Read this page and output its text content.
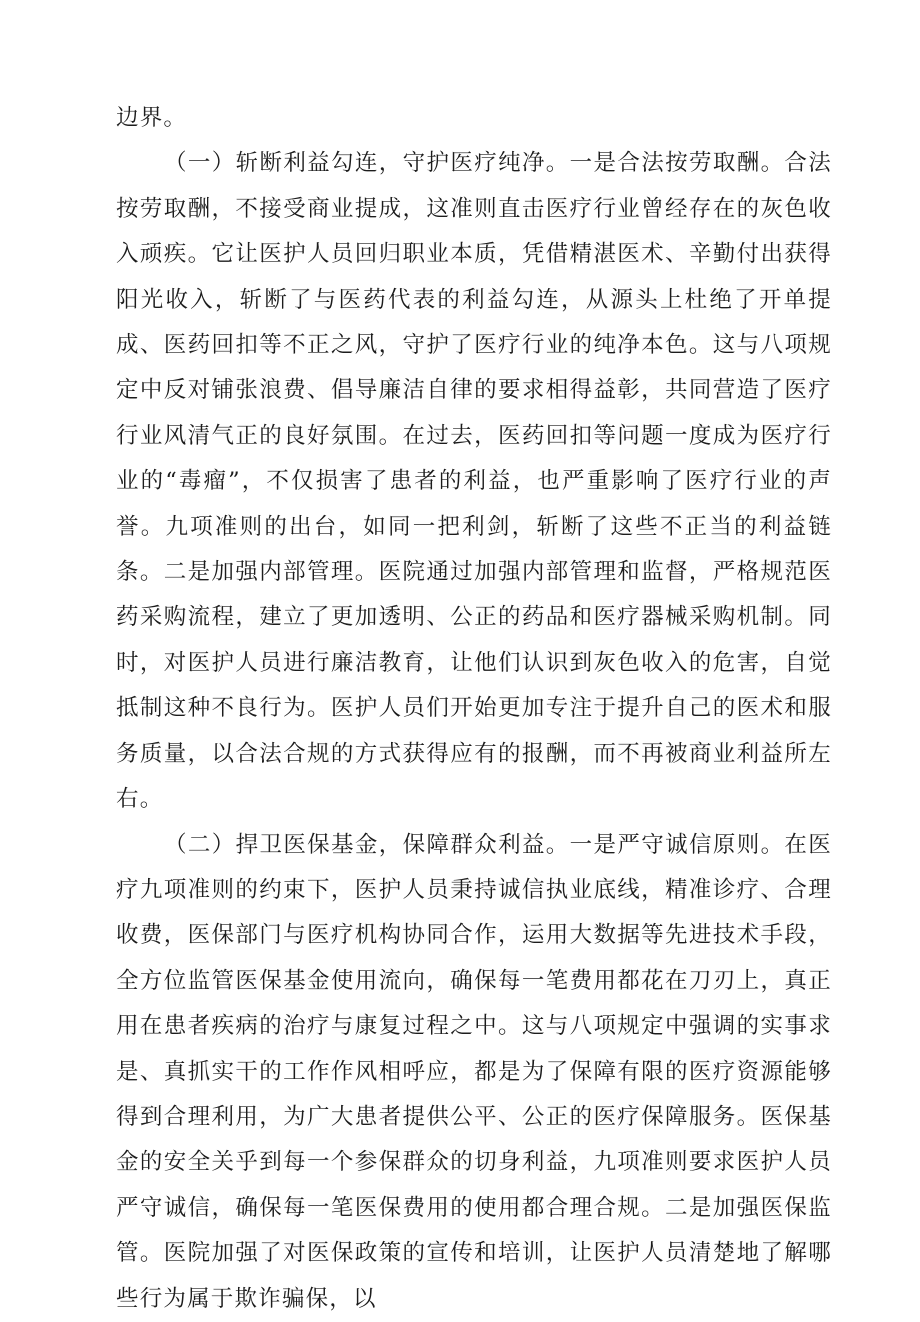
边界。

（一）斩断利益勾连，守护医疗纯净。一是合法按劳取酬。合法按劳取酬，不接受商业提成，这准则直击医疗行业曾经存在的灰色收入顽疾。它让医护人员回归职业本质，凭借精湛医术、辛勤付出获得阳光收入，斩断了与医药代表的利益勾连，从源头上杜绝了开单提成、医药回扣等不正之风，守护了医疗行业的纯净本色。这与八项规定中反对铺张浪费、倡导廉洁自律的要求相得益彰，共同营造了医疗行业风清气正的良好氛围。在过去，医药回扣等问题一度成为医疗行业的“毒瘤”，不仅损害了患者的利益，也严重影响了医疗行业的声誉。九项准则的出台，如同一把利剑，斩断了这些不正当的利益链条。二是加强内部管理。医院通过加强内部管理和监督，严格规范医药采购流程，建立了更加透明、公正的药品和医疗器械采购机制。同时，对医护人员进行廉洁教育，让他们认识到灰色收入的危害，自觉抵制这种不良行为。医护人员们开始更加专注于提升自己的医术和服务质量，以合法合规的方式获得应有的报酬，而不再被商业利益所左右。

（二）捍卫医保基金，保障群众利益。一是严守诚信原则。在医疗九项准则的约束下，医护人员秉持诚信执业底线，精准诊疗、合理收费，医保部门与医疗机构协同合作，运用大数据等先进技术手段，全方位监管医保基金使用流向，确保每一笔费用都花在刀刃上，真正用在患者疾病的治疗与康复过程之中。这与八项规定中强调的实事求是、真抓实干的工作作风相呼应，都是为了保障有限的医疗资源能够得到合理利用，为广大患者提供公平、公正的医疗保障服务。医保基金的安全关乎到每一个参保群众的切身利益，九项准则要求医护人员严守诚信，确保每一笔医保费用的使用都合理合规。二是加强医保监管。医院加强了对医保政策的宣传和培训，让医护人员清楚地了解哪些行为属于欺诈骗保，以
